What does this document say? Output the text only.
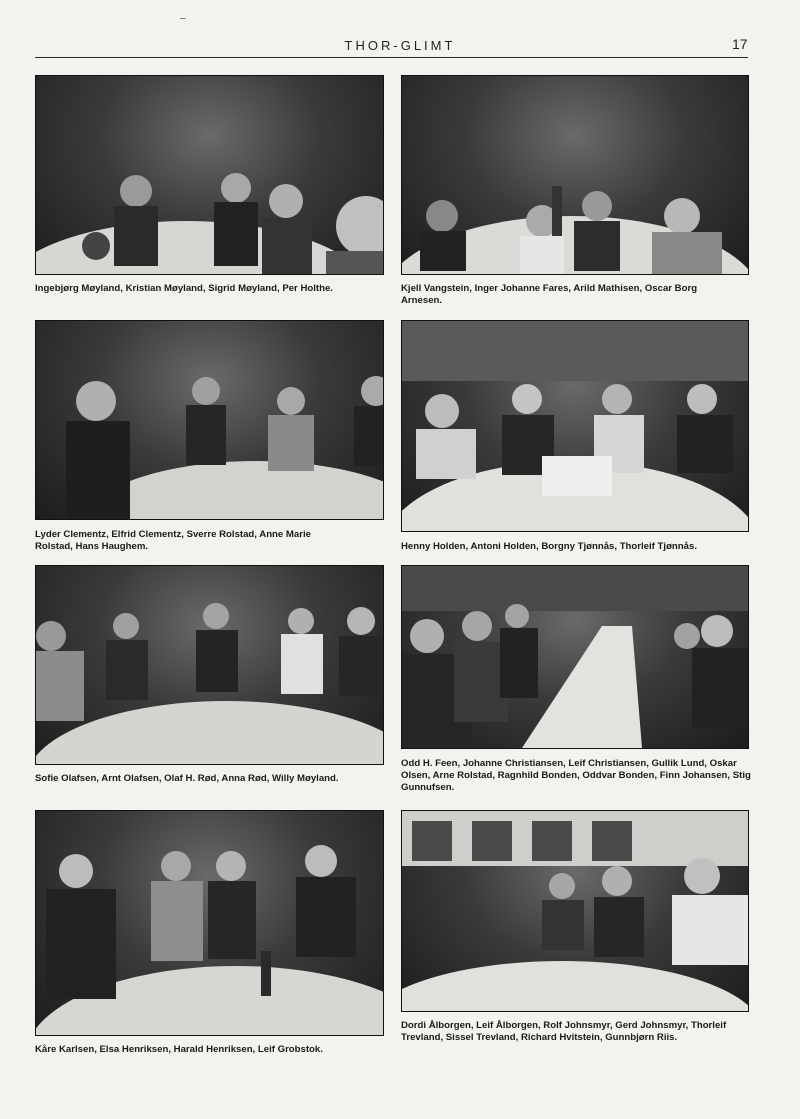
THOR-GLIMT	17
Ingebjørg Møyland, Kristian Møyland, Sigrid Møyland, Per Holthe.	Kjell Vangstein, Inger Johanne Fares, Arild Mathisen, Oscar Borg Arnesen.
Lyder Clementz, Elfrid Clementz, Sverre Rolstad, Anne Marie Rolstad, Hans Haughem.	Henny Holden, Antoni Holden, Borgny Tjønnås, Thorleif Tjønnås.
Sofie Olafsen, Arnt Olafsen, Olaf H. Rød, Anna Rød, Willy Møyland.
Odd H. Feen, Johanne Christiansen, Leif Christiansen, Gullik Lund, Oskar Olsen, Arne Rolstad, Ragnhild Bonden, Oddvar Bonden, Finn Johansen, Stig Gunnufsen.
Kåre Karlsen, Elsa Henriksen, Harald Henriksen, Leif Grobstok.
Dordi Ålborgen, Leif Ålborgen, Rolf Johnsmyr, Gerd Johnsmyr, Thorleif Trevland, Sissel Trevland, Richard Hvitstein, Gunnbjørn Riis.
